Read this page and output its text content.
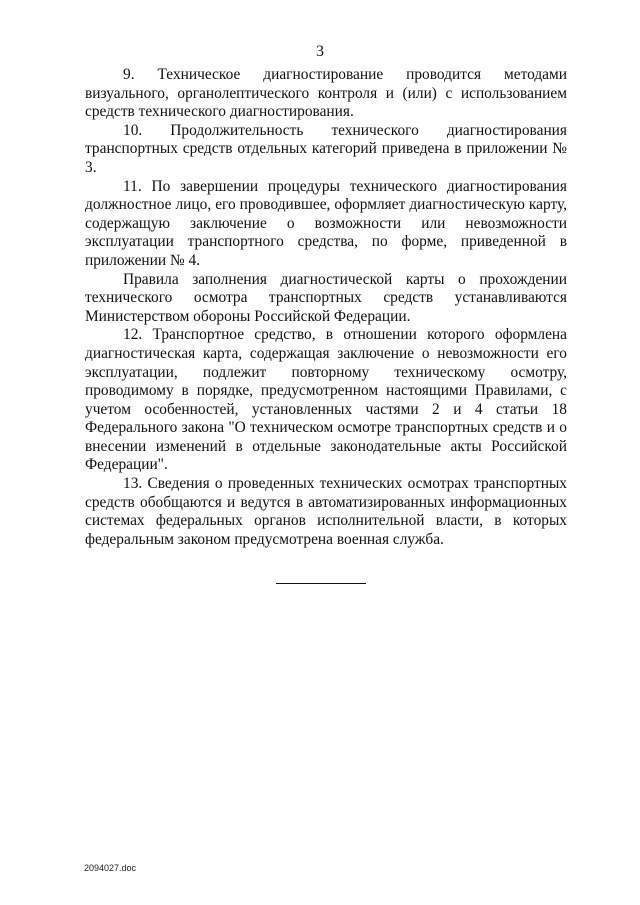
3

9. Техническое диагностирование проводится методами визуального, органолептического контроля и (или) с использованием средств технического диагностирования.

10. Продолжительность технического диагностирования транспортных средств отдельных категорий приведена в приложении № 3.

11. По завершении процедуры технического диагностирования должностное лицо, его проводившее, оформляет диагностическую карту, содержащую заключение о возможности или невозможности эксплуатации транспортного средства, по форме, приведенной в приложении № 4.

Правила заполнения диагностической карты о прохождении технического осмотра транспортных средств устанавливаются Министерством обороны Российской Федерации.

12. Транспортное средство, в отношении которого оформлена диагностическая карта, содержащая заключение о невозможности его эксплуатации, подлежит повторному техническому осмотру, проводимому в порядке, предусмотренном настоящими Правилами, с учетом особенностей, установленных частями 2 и 4 статьи 18 Федерального закона "О техническом осмотре транспортных средств и о внесении изменений в отдельные законодательные акты Российской Федерации".

13. Сведения о проведенных технических осмотрах транспортных средств обобщаются и ведутся в автоматизированных информационных системах федеральных органов исполнительной власти, в которых федеральным законом предусмотрена военная служба.

2094027.doc
